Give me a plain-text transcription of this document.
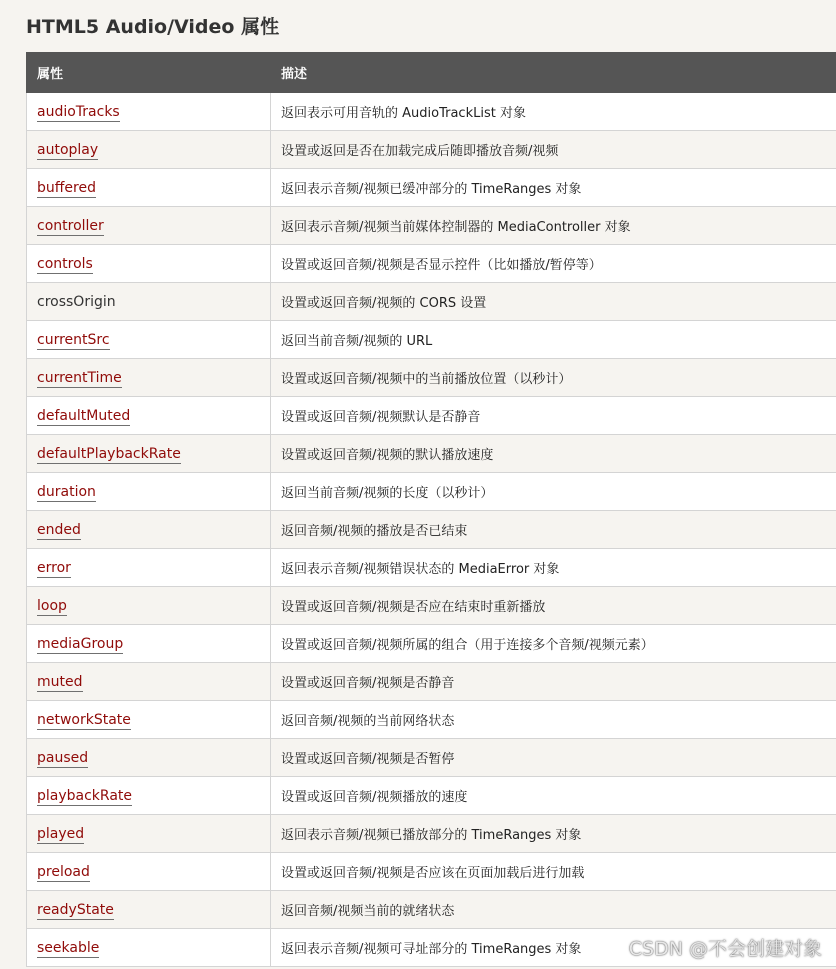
HTML5 Audio/Video 属性
属性	描述
audioTracks	返回表示可用音轨的 AudioTrackList 对象
autoplay	设置或返回是否在加载完成后随即播放音频/视频
buffered	返回表示音频/视频已缓冲部分的 TimeRanges 对象
controller	返回表示音频/视频当前媒体控制器的 MediaController 对象
controls	设置或返回音频/视频是否显示控件（比如播放/暂停等）
crossOrigin	设置或返回音频/视频的 CORS 设置
currentSrc	返回当前音频/视频的 URL
currentTime	设置或返回音频/视频中的当前播放位置（以秒计）
defaultMuted	设置或返回音频/视频默认是否静音
defaultPlaybackRate	设置或返回音频/视频的默认播放速度
duration	返回当前音频/视频的长度（以秒计）
ended	返回音频/视频的播放是否已结束
error	返回表示音频/视频错误状态的 MediaError 对象
loop	设置或返回音频/视频是否应在结束时重新播放
mediaGroup	设置或返回音频/视频所属的组合（用于连接多个音频/视频元素）
muted	设置或返回音频/视频是否静音
networkState	返回音频/视频的当前网络状态
paused	设置或返回音频/视频是否暂停
playbackRate	设置或返回音频/视频播放的速度
played	返回表示音频/视频已播放部分的 TimeRanges 对象
preload	设置或返回音频/视频是否应该在页面加载后进行加载
readyState	返回音频/视频当前的就绪状态
seekable	返回表示音频/视频可寻址部分的 TimeRanges 对象 CSDN @不会创建对象
